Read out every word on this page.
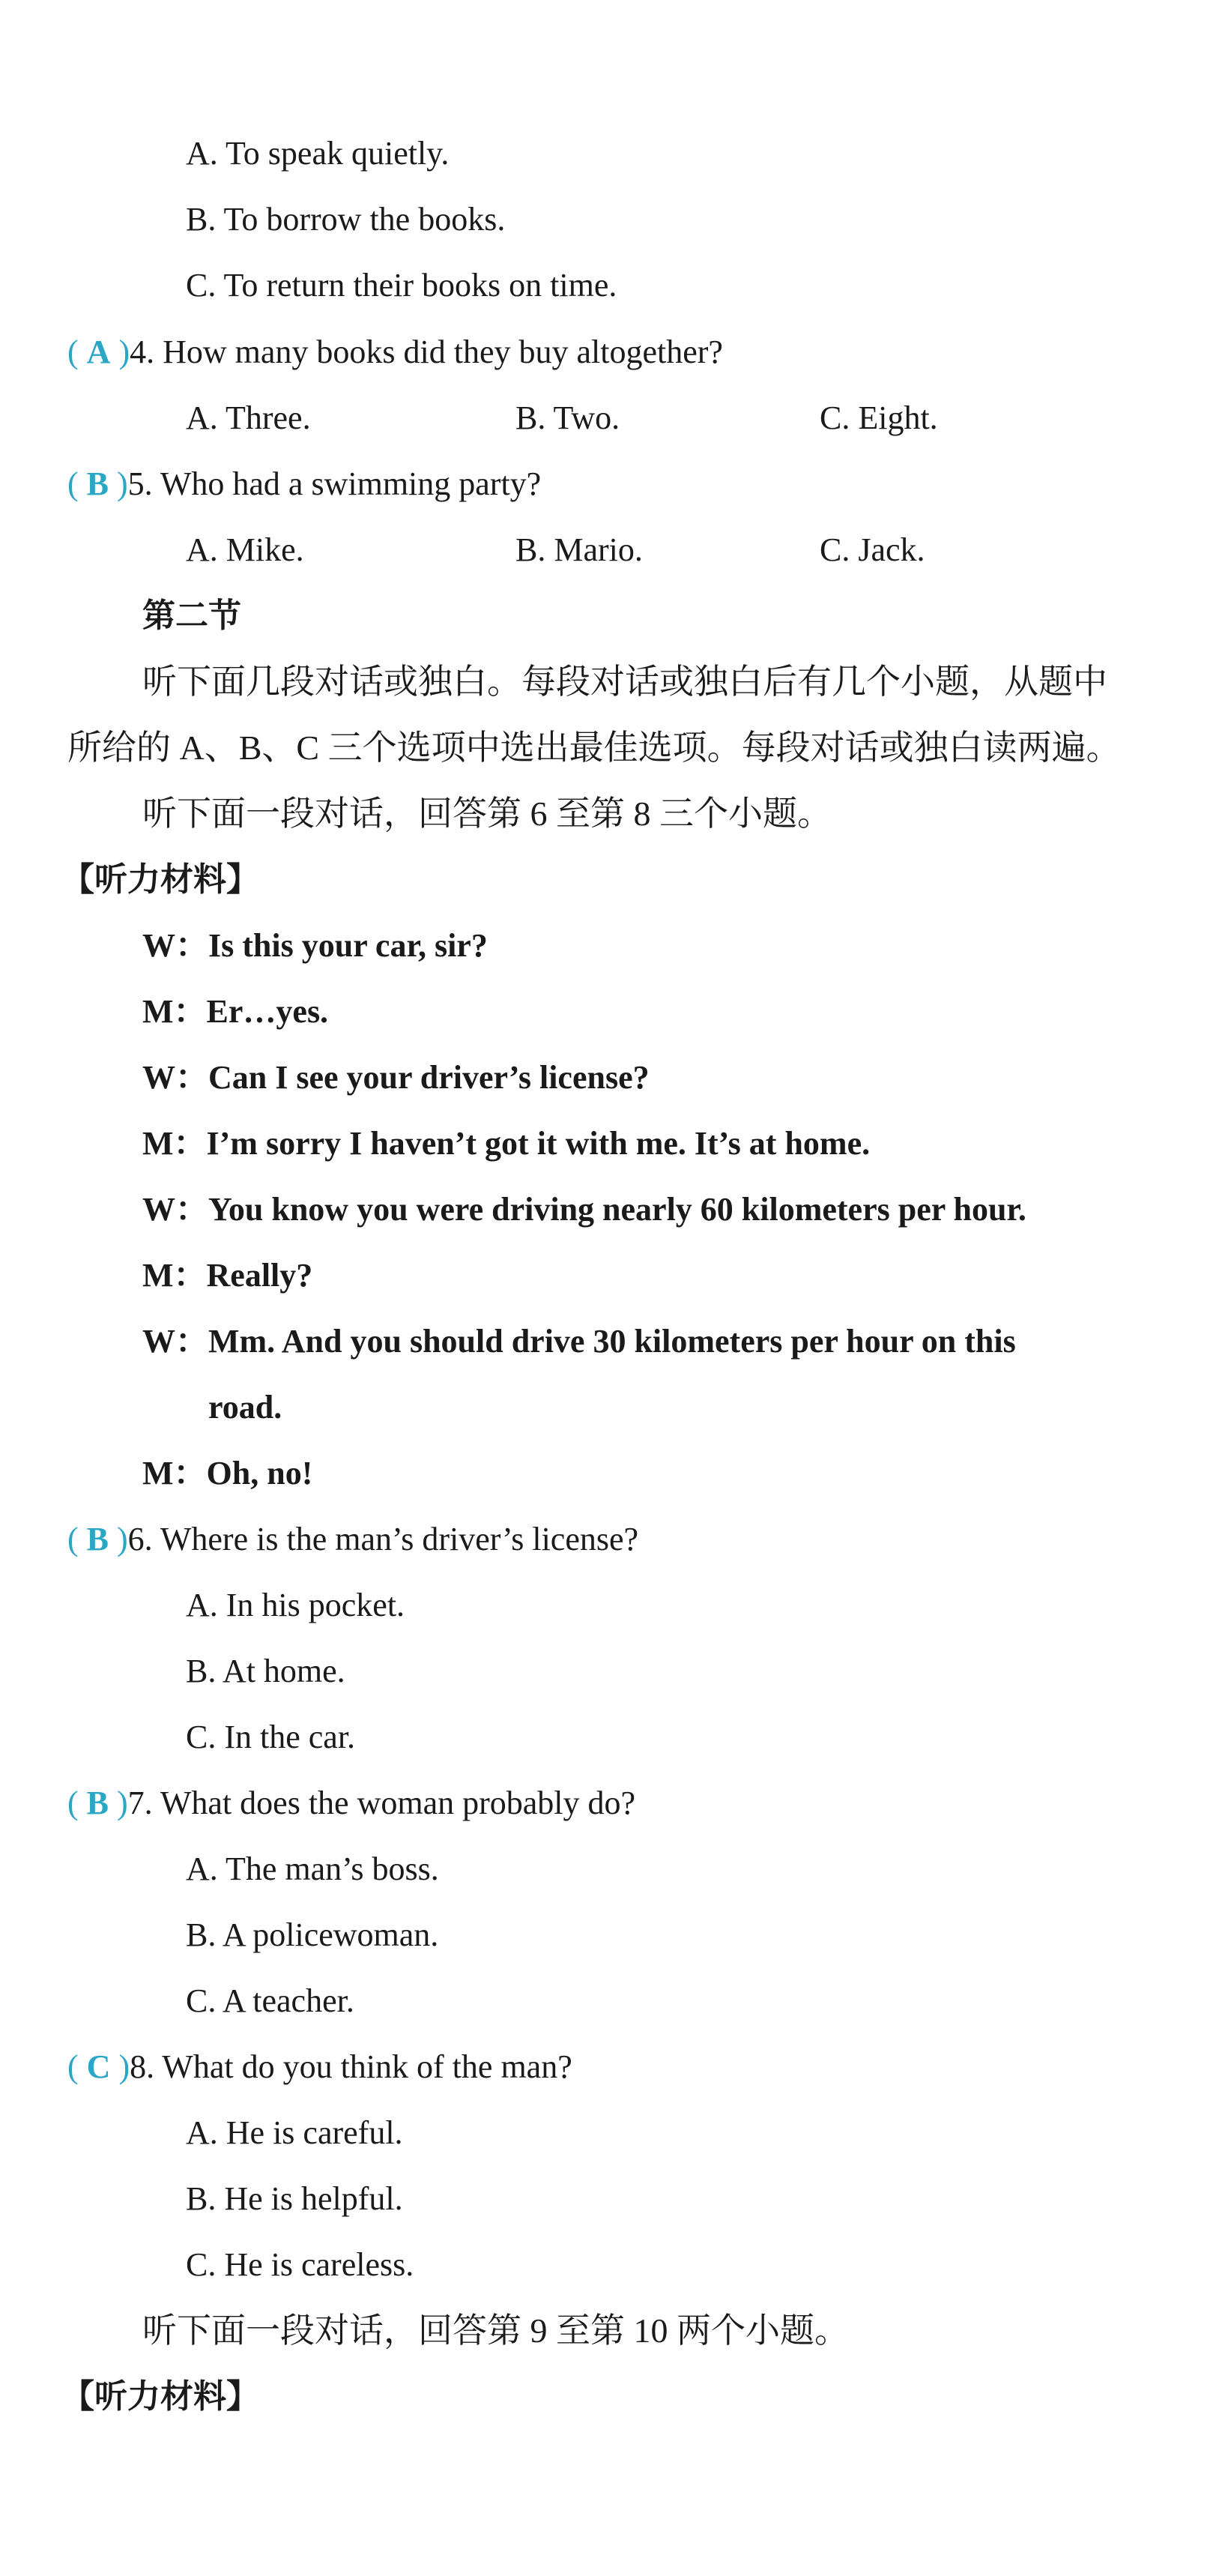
A. To speak quietly.
B. To borrow the books.
C. To return their books on time.
( A )4. How many books did they buy altogether?
A. Three.	B. Two.	C. Eight.
( B )5. Who had a swimming party?
A. Mike.	B. Mario.	C. Jack.
第二节
听下面几段对话或独白。每段对话或独白后有几个小题，从题中
所给的 A、B、C 三个选项中选出最佳选项。每段对话或独白读两遍。
听下面一段对话，回答第 6 至第 8 三个小题。
【听力材料】
W：Is this your car, sir?
M：Er…yes.
W：Can I see your driver’s license?
M：I’m sorry I haven’t got it with me. It’s at home.
W：You know you were driving nearly 60 kilometers per hour.
M：Really?
W：Mm. And you should drive 30 kilometers per hour on this
road.
M：Oh, no!
( B )6. Where is the man’s driver’s license?
A. In his pocket.
B. At home.
C. In the car.
( B )7. What does the woman probably do?
A. The man’s boss.
B. A policewoman.
C. A teacher.
( C )8. What do you think of the man?
A. He is careful.
B. He is helpful.
C. He is careless.
听下面一段对话，回答第 9 至第 10 两个小题。
【听力材料】
